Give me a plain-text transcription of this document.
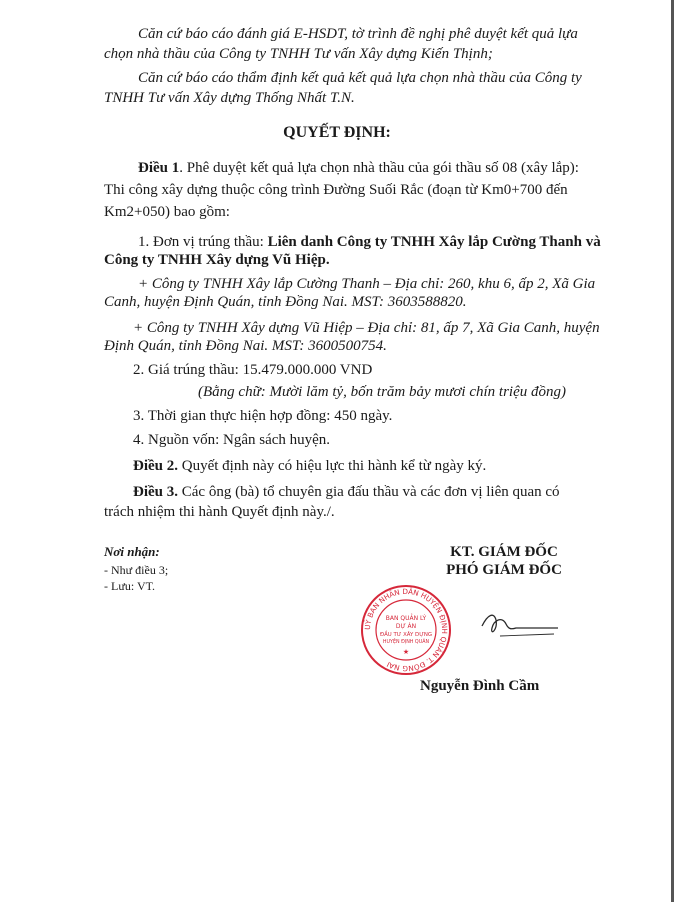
Căn cứ báo cáo đánh giá E-HSDT, tờ trình đề nghị phê duyệt kết quả lựa
chọn nhà thầu của Công ty TNHH Tư vấn Xây dựng Kiến Thịnh;
Căn cứ báo cáo thẩm định kết quả kết quả lựa chọn nhà thầu của Công ty
TNHH Tư vấn Xây dựng Thống Nhất T.N.
QUYẾT ĐỊNH:
Điều 1. Phê duyệt kết quả lựa chọn nhà thầu của gói thầu số 08 (xây lắp):
Thi công xây dựng thuộc công trình Đường Suối Rắc (đoạn từ Km0+700 đến
Km2+050) bao gồm:
1. Đơn vị trúng thầu: Liên danh Công ty TNHH Xây lắp Cường Thanh và
Công ty TNHH Xây dựng Vũ Hiệp.
+ Công ty TNHH Xây lắp Cường Thanh – Địa chỉ: 260, khu 6, ấp 2, Xã Gia
Canh, huyện Định Quán, tỉnh Đồng Nai. MST: 3603588820.
+ Công ty TNHH Xây dựng Vũ Hiệp – Địa chỉ: 81, ấp 7, Xã Gia Canh, huyện
Định Quán, tỉnh Đồng Nai. MST: 3600500754.
2. Giá trúng thầu: 15.479.000.000 VND
(Bằng chữ: Mười lăm tỷ, bốn trăm bảy mươi chín triệu đồng)
3. Thời gian thực hiện hợp đồng: 450 ngày.
4. Nguồn vốn: Ngân sách huyện.
Điều 2. Quyết định này có hiệu lực thi hành kể từ ngày ký.
Điều 3. Các ông (bà) tổ chuyên gia đấu thầu và các đơn vị liên quan có
trách nhiệm thi hành Quyết định này./.
Nơi nhận:
- Như điều 3;
- Lưu: VT.
KT. GIÁM ĐỐC
PHÓ GIÁM ĐỐC
UỶ BAN NHÂN DÂN HUYỆN ĐỊNH QUÁN T. ĐỒNG NAI
BAN QUẢN LÝ
DỰ ÁN
ĐẦU TƯ XÂY DỰNG
HUYỆN ĐỊNH QUÁN
★
Nguyễn Đình Cầm
